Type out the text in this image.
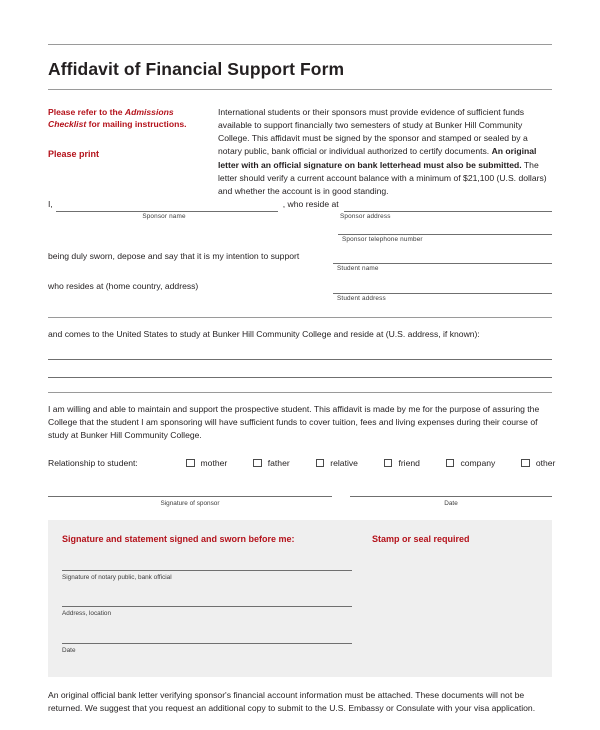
Affidavit of Financial Support Form
Please refer to the Admissions
Checklist for mailing instructions.
Please print
International students or their sponsors must provide evidence of sufficient funds available to support financially two semesters of study at Bunker Hill Community College. This affidavit must be signed by the sponsor and stamped or sealed by a notary public, bank official or individual authorized to certify documents. An original letter with an official signature on bank letterhead must also be submitted. The letter should verify a current account balance with a minimum of $21,100 (U.S. dollars) and whether the account is in good standing.
I,	, who reside at
Sponsor name	Sponsor address
Sponsor telephone number
being duly sworn, depose and say that it is my intention to support
Student name
who resides at (home country, address)
Student address
and comes to the United States to study at Bunker Hill Community College and reside at (U.S. address, if known):
I am willing and able to maintain and support the prospective student. This affidavit is made by me for the purpose of assuring the College that the student I am sponsoring will have sufficient funds to cover tuition, fees and living expenses during their course of study at Bunker Hill Community College.
Relationship to student:	mother	father	relative	friend	company	other
Signature of sponsor	Date
Signature and statement signed and sworn before me:
Signature of notary public, bank official
Address, location
Date
Stamp or seal required
An original official bank letter verifying sponsor's financial account information must be attached. These documents will not be returned. We suggest that you request an additional copy to submit to the U.S. Embassy or Consulate with your visa application.
